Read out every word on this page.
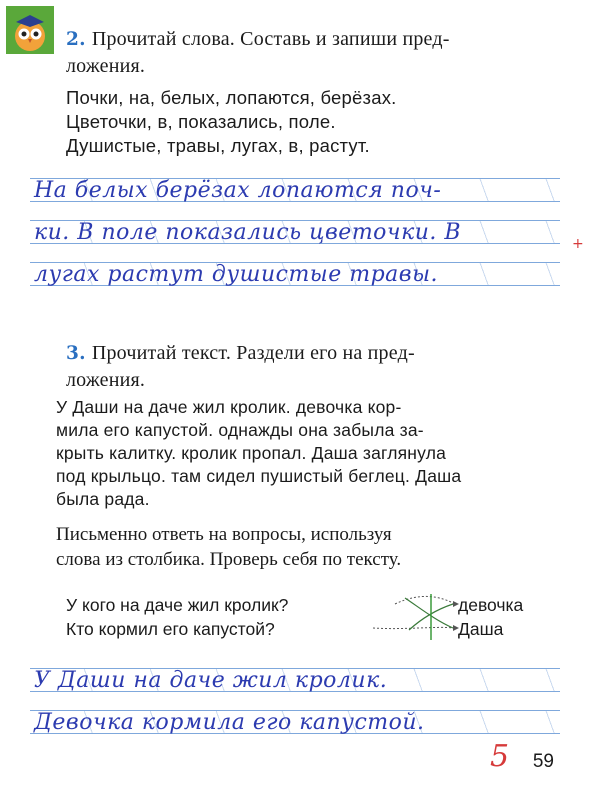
2. Прочитай слова. Составь и запиши пред-
ложения.
Почки, на, белых, лопаются, берёзах.
Цветочки, в, показались, поле.
Душистые, травы, лугах, в, растут.
На белых берёзах лопаются поч-
ки. В поле показались цветочки. В
лугах растут душистые травы.
+
3. Прочитай текст. Раздели его на пред-
ложения.
У Даши на даче жил кролик. девочка кор-
мила его капустой. однажды она забыла за-
крыть калитку. кролик пропал. Даша заглянула
под крыльцо. там сидел пушистый беглец. Даша
была рада.
Письменно ответь на вопросы, используя
слова из столбика. Проверь себя по тексту.
У кого на даче жил кролик?
Кто кормил его капустой?
девочка
Даша
У Даши на даче жил кролик.
Девочка кормила его капустой.
5 59
